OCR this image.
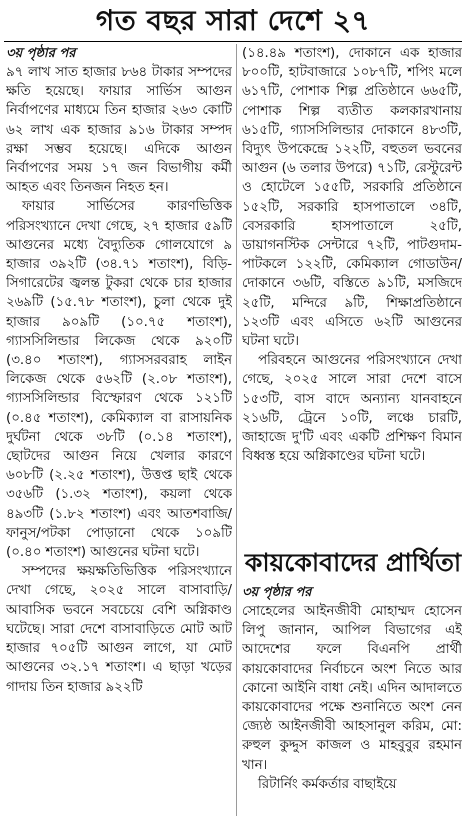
গত বছর সারা দেশে ২৭
৩য় পৃষ্ঠার পর

৯৭ লাখ সাত হাজার ৮৬৪ টাকার সম্পদের ক্ষতি হয়েছে। ফায়ার সার্ভিস আগুন নির্বাপণের মাধ্যমে তিন হাজার ২৬৩ কোটি ৬২ লাখ এক হাজার ৯১৬ টাকার সম্পদ রক্ষা সম্ভব হয়েছে। এদিকে আগুন নির্বাপণের সময় ১৭ জন বিভাগীয় কর্মী আহত এবং তিনজন নিহত হন।

ফায়ার সার্ভিসের কারণভিত্তিক পরিসংখ্যানে দেখা গেছে, ২৭ হাজার ৫৯টি আগুনের মধ্যে বৈদ্যুতিক গোলযোগে ৯ হাজার ৩৯২টি (৩৪.৭১ শতাংশ), বিড়ি-সিগারেটের জ্বলন্ত টুকরা থেকে চার হাজার ২৬৯টি (১৫.৭৮ শতাংশ), চুলা থেকে দুই হাজার ৯০৯টি (১০.৭৫ শতাংশ), গ্যাসসিলিন্ডার লিকেজ থেকে ৯২০টি (৩.৪০ শতাংশ), গ্যাসসরবরাহ লাইন লিকেজ থেকে ৫৬২টি (২.০৮ শতাংশ), গ্যাসসিলিন্ডার বিস্ফোরণ থেকে ১২১টি (০.৪৫ শতাংশ), কেমিক্যাল বা রাসায়নিক দুর্ঘটনা থেকে ৩৮টি (০.১৪ শতাংশ), ছোটদের আগুন নিয়ে খেলার কারণে ৬০৮টি (২.২৫ শতাংশ), উত্তপ্ত ছাই থেকে ৩৫৬টি (১.৩২ শতাংশ), কয়লা থেকে ৪৯৩টি (১.৮২ শতাংশ) এবং আতশবাজি/ফানুস/পটকা পোড়ানো থেকে ১০৯টি (০.৪০ শতাংশ) আগুনের ঘটনা ঘটে।

সম্পদের ক্ষয়ক্ষতিভিত্তিক পরিসংখ্যানে দেখা গেছে, ২০২৫ সালে বাসাবাড়ি/আবাসিক ভবনে সবচেয়ে বেশি অগ্নিকাণ্ড ঘটেছে। সারা দেশে বাসাবাড়িতে মোট আট হাজার ৭০৫টি আগুন লাগে, যা মোট আগুনের ৩২.১৭ শতাংশ। এ ছাড়া খড়ের গাদায় তিন হাজার ৯২২টি

(১৪.৪৯ শতাংশ), দোকানে এক হাজার ৮০০টি, হাটবাজারে ১০৮৭টি, শপিং মলে ৬১৭টি, পোশাক শিল্প প্রতিষ্ঠানে ৬৬৫টি, পোশাক শিল্প ব্যতীত কলকারখানায় ৬১৫টি, গ্যাসসিলিন্ডার দোকানে ৪৮৩টি, বিদ্যুৎ উপকেন্দ্রে ১২২টি, বহুতল ভবনের আগুন (৬ তলার উপরে) ৭১টি, রেস্টুরেন্ট ও হোটেলে ১৫৫টি, সরকারি প্রতিষ্ঠানে ১৫২টি, সরকারি হাসপাতালে ৩৪টি, বেসরকারি হাসপাতালে ২৫টি, ডায়াগনস্টিক সেন্টারে ৭২টি, পাটগুদাম-পাটকলে ১২২টি, কেমিক্যাল গোডাউন/দোকানে ৩৬টি, বস্তিতে ৯১টি, মসজিদে ২৫টি, মন্দিরে ৯টি, শিক্ষাপ্রতিষ্ঠানে ১২৩টি এবং এসিতে ৬২টি আগুনের ঘটনা ঘটে।

পরিবহনে আগুনের পরিসংখ্যানে দেখা গেছে, ২০২৫ সালে সারা দেশে বাসে ১৫৩টি, বাস বাদে অন্যান্য যানবাহনে ২১৬টি, ট্রেনে ১০টি, লঞ্চে চারটি, জাহাজে দু'টি এবং একটি প্রশিক্ষণ বিমান বিধ্বস্ত হয়ে অগ্নিকাণ্ডের ঘটনা ঘটে।

কায়কোবাদের প্রার্থিতা
৩য় পৃষ্ঠার পর

সোহেলের আইনজীবী মোহাম্মদ হোসেন লিপু জানান, আপিল বিভাগের এই আদেশের ফলে বিএনপি প্রার্থী কায়কোবাদের নির্বাচনে অংশ নিতে আর কোনো আইনি বাধা নেই। এদিন আদালতে কায়কোবাদের পক্ষে শুনানিতে অংশ নেন জ্যেষ্ঠ আইনজীবী আহসানুল করিম, মো: রুহুল কুদ্দুস কাজল ও মাহবুবুর রহমান খান।

রিটার্নিং কর্মকর্তার বাছাইয়ে
